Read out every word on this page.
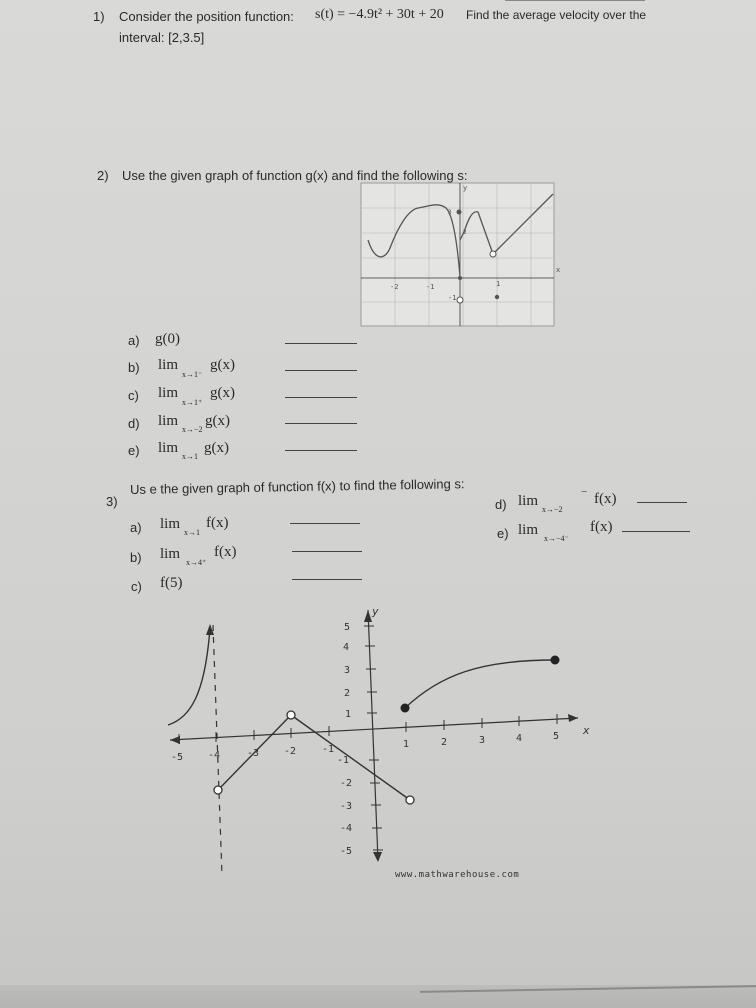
1) Consider the position function: s(t) = −4.9t² + 30t + 20 Find the average velocity over the
interval: [2,3.5]
2) Use the given graph of function g(x) and find the following s:
-2	-1	1
-1
y
x
3
2
a) g(0)
b) lim
x→1⁻
g(x)
c) lim
x→1⁺
g(x)
d) lim
x→−2
g(x)
e) lim
x→1
g(x)
3)
Us e the given graph of function f(x) to find the following s:
a) lim
x→1
f(x)
b) lim
x→4⁺
f(x)
c) f(5)
d) lim
x→−2
− f(x)
e) lim
x→−4⁻
f(x)
5
4
3
2
1
-1
-2
-3
-4
-5
1	2	3	4	5
-5 -4	-3 -2	-1
y
x
www.mathwarehouse.com
